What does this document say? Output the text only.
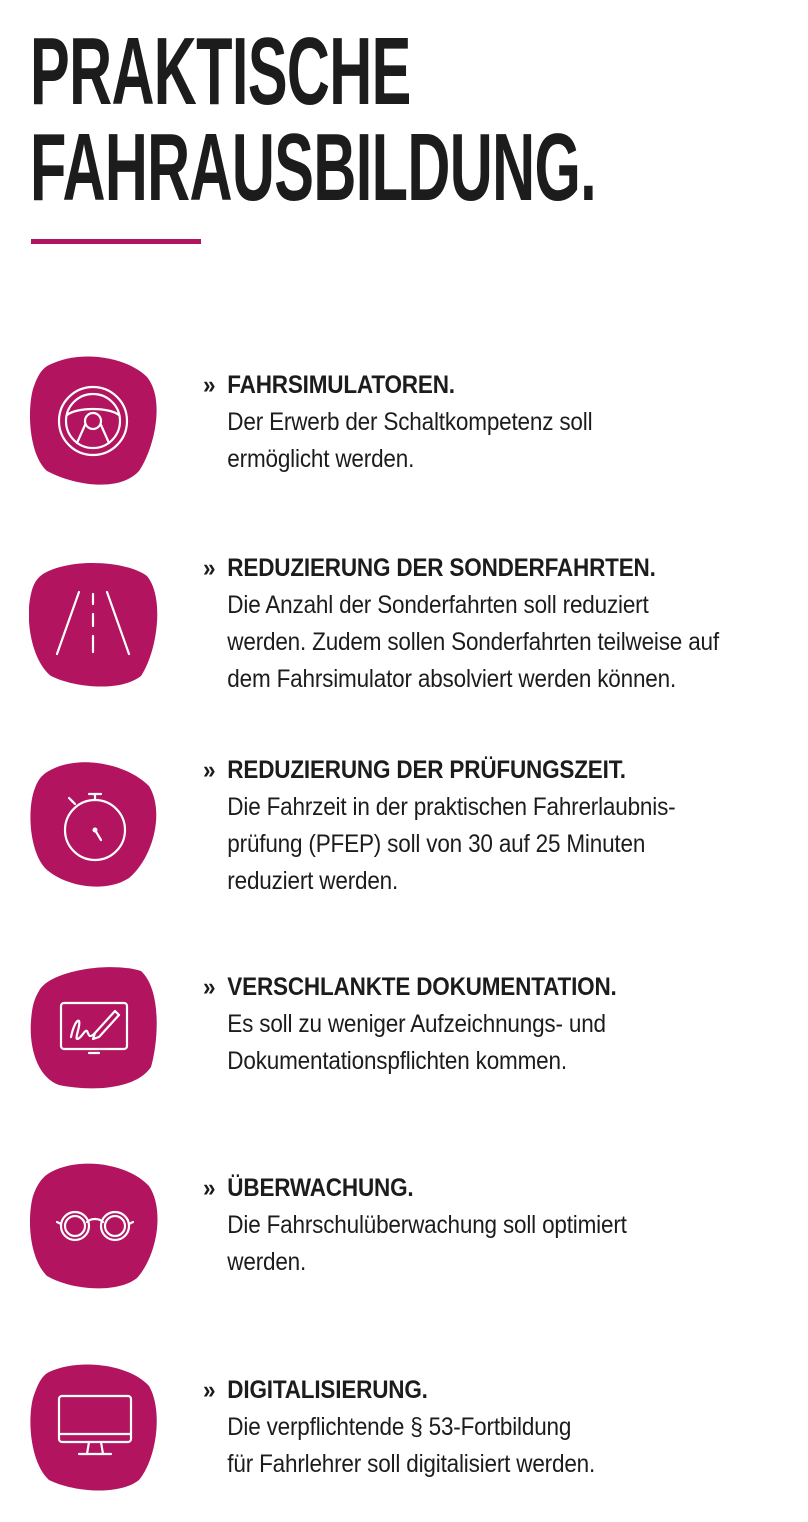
PRAKTISCHE
FAHRAUSBILDUNG.
» FAHRSIMULATOREN.
Der Erwerb der Schaltkompetenz soll
ermöglicht werden.
» REDUZIERUNG DER SONDERFAHRTEN.
Die Anzahl der Sonderfahrten soll reduziert
werden. Zudem sollen Sonderfahrten teilweise auf
dem Fahrsimulator absolviert werden können.
» REDUZIERUNG DER PRÜFUNGSZEIT.
Die Fahrzeit in der praktischen Fahrerlaubnis-
prüfung (PFEP) soll von 30 auf 25 Minuten
reduziert werden.
» VERSCHLANKTE DOKUMENTATION.
Es soll zu weniger Aufzeichnungs- und
Dokumentationspflichten kommen.
» ÜBERWACHUNG.
Die Fahrschulüberwachung soll optimiert
werden.
» DIGITALISIERUNG.
Die verpflichtende § 53-Fortbildung
für Fahrlehrer soll digitalisiert werden.
